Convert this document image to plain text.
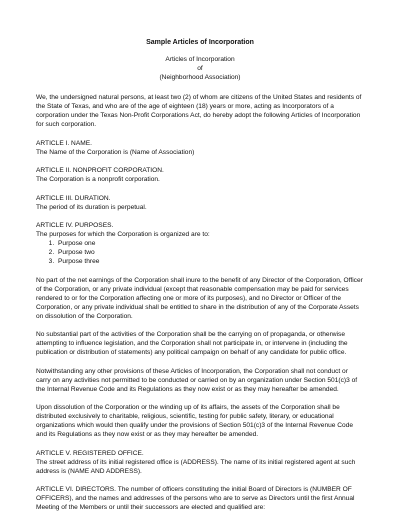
Sample Articles of Incorporation
Articles of Incorporation
of
(Neighborhood Association)

We, the undersigned natural persons, at least two (2) of whom are citizens of the United States and residents of the State of Texas, and who are of the age of eighteen (18) years or more, acting as Incorporators of a corporation under the Texas Non-Profit Corporations Act, do hereby adopt the following Articles of Incorporation for such corporation.

ARTICLE I. NAME.
The Name of the Corporation is (Name of Association)
ARTICLE II. NONPROFIT CORPORATION.
The Corporation is a nonprofit corporation.
ARTICLE III. DURATION.
The period of its duration is perpetual.
ARTICLE IV. PURPOSES.
The purposes for which the Corporation is organized are to:
1. Purpose one
2. Purpose two
3. Purpose three

No part of the net earnings of the Corporation shall inure to the benefit of any Director of the Corporation, Officer of the Corporation, or any private individual (except that reasonable compensation may be paid for services rendered to or for the Corporation affecting one or more of its purposes), and no Director or Officer of the Corporation, or any private individual shall be entitled to share in the distribution of any of the Corporate Assets on dissolution of the Corporation.

No substantial part of the activities of the Corporation shall be the carrying on of propaganda, or otherwise attempting to influence legislation, and the Corporation shall not participate in, or intervene in (including the publication or distribution of statements) any political campaign on behalf of any candidate for public office.

Notwithstanding any other provisions of these Articles of Incorporation, the Corporation shall not conduct or carry on any activities not permitted to be conducted or carried on by an organization under Section 501(c)3 of the Internal Revenue Code and its Regulations as they now exist or as they may hereafter be amended.

Upon dissolution of the Corporation or the winding up of its affairs, the assets of the Corporation shall be distributed exclusively to charitable, religious, scientific, testing for public safety, literary, or educational organizations which would then qualify under the provisions of Section 501(c)3 of the Internal Revenue Code and its Regulations as they now exist or as they may hereafter be amended.

ARTICLE V. REGISTERED OFFICE.

The street address of its initial registered office is (ADDRESS). The name of its initial registered agent at such address is (NAME AND ADDRESS).

ARTICLE VI. DIRECTORS. The number of officers constituting the initial Board of Directors is (NUMBER OF OFFICERS), and the names and addresses of the persons who are to serve as Directors until the first Annual Meeting of the Members or until their successors are elected and qualified are:
